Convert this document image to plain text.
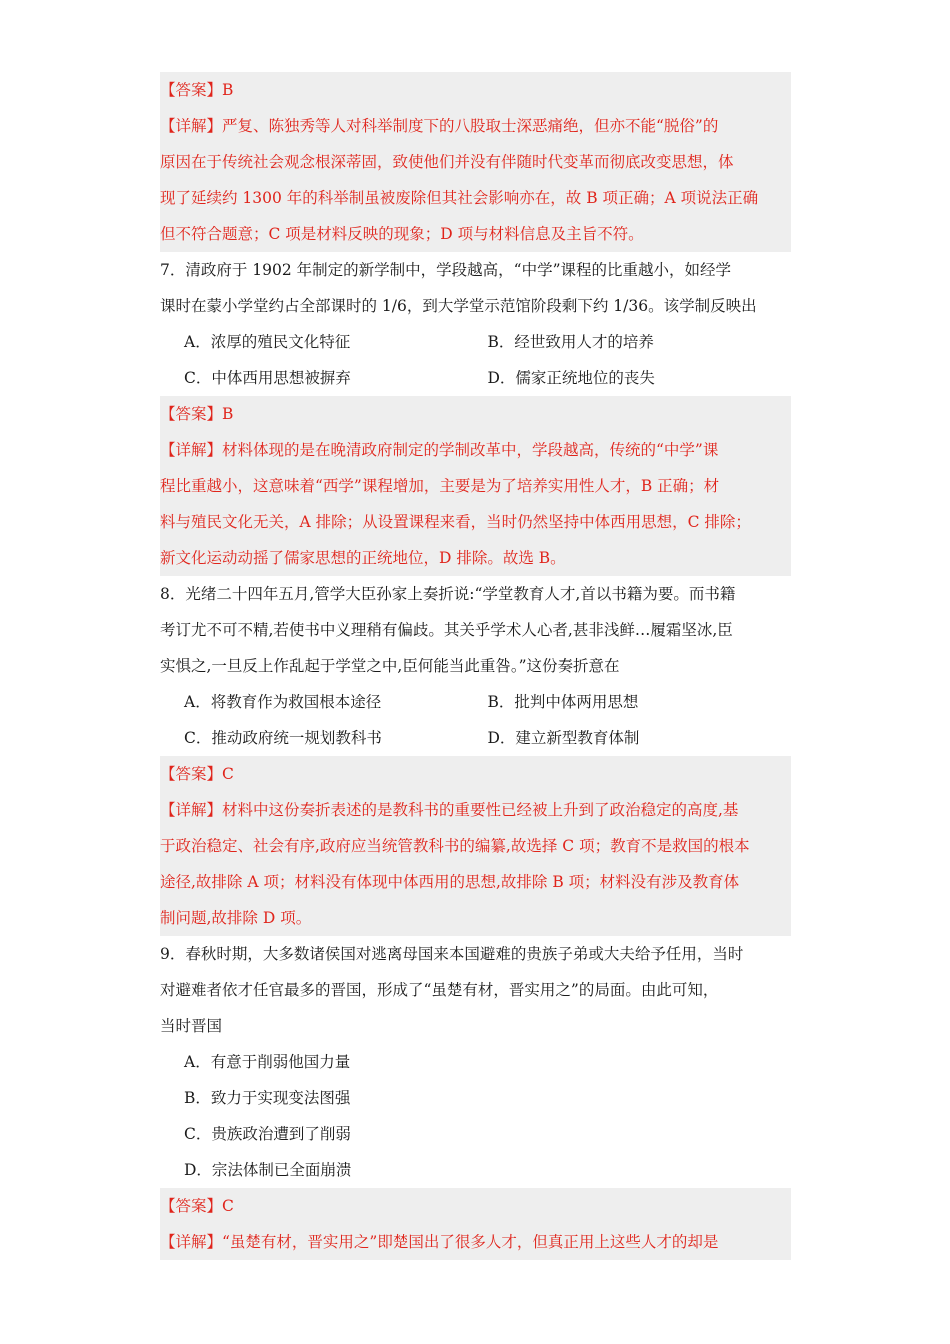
【答案】B
【详解】严复、陈独秀等人对科举制度下的八股取士深恶痛绝，但亦不能“脱俗”的
原因在于传统社会观念根深蒂固，致使他们并没有伴随时代变革而彻底改变思想，体
现了延续约 1300 年的科举制虽被废除但其社会影响亦在，故 B 项正确；A 项说法正确
但不符合题意；C 项是材料反映的现象；D 项与材料信息及主旨不符。
7．清政府于 1902 年制定的新学制中，学段越高，“中学”课程的比重越小，如经学
课时在蒙小学堂约占全部课时的 1/6，到大学堂示范馆阶段剩下约 1/36。该学制反映出
A．浓厚的殖民文化特征	B．经世致用人才的培养
C．中体西用思想被摒弃	D．儒家正统地位的丧失
【答案】B
【详解】材料体现的是在晚清政府制定的学制改革中，学段越高，传统的“中学”课
程比重越小，这意味着“西学”课程增加，主要是为了培养实用性人才，B 正确；材
料与殖民文化无关，A 排除；从设置课程来看，当时仍然坚持中体西用思想，C 排除；
新文化运动动摇了儒家思想的正统地位，D 排除。故选 B。
8．光绪二十四年五月,管学大臣孙家上奏折说:“学堂教育人才,首以书籍为要。而书籍
考订尤不可不精,若使书中义理稍有偏歧。其关乎学术人心者,甚非浅鲜…履霜坚冰,臣
实惧之,一旦反上作乱起于学堂之中,臣何能当此重咎。”这份奏折意在
A．将教育作为救国根本途径	B．批判中体两用思想
C．推动政府统一规划教科书	D．建立新型教育体制
【答案】C
【详解】材料中这份奏折表述的是教科书的重要性已经被上升到了政治稳定的高度,基
于政治稳定、社会有序,政府应当统管教科书的编纂,故选择 C 项；教育不是救国的根本
途径,故排除 A 项；材料没有体现中体西用的思想,故排除 B 项；材料没有涉及教育体
制问题,故排除 D 项。
9．春秋时期，大多数诸侯国对逃离母国来本国避难的贵族子弟或大夫给予任用，当时
对避难者依才任官最多的晋国，形成了“虽楚有材，晋实用之”的局面。由此可知，
当时晋国
A．有意于削弱他国力量
B．致力于实现变法图强
C．贵族政治遭到了削弱
D．宗法体制已全面崩溃
【答案】C
【详解】“虽楚有材，晋实用之”即楚国出了很多人才，但真正用上这些人才的却是
